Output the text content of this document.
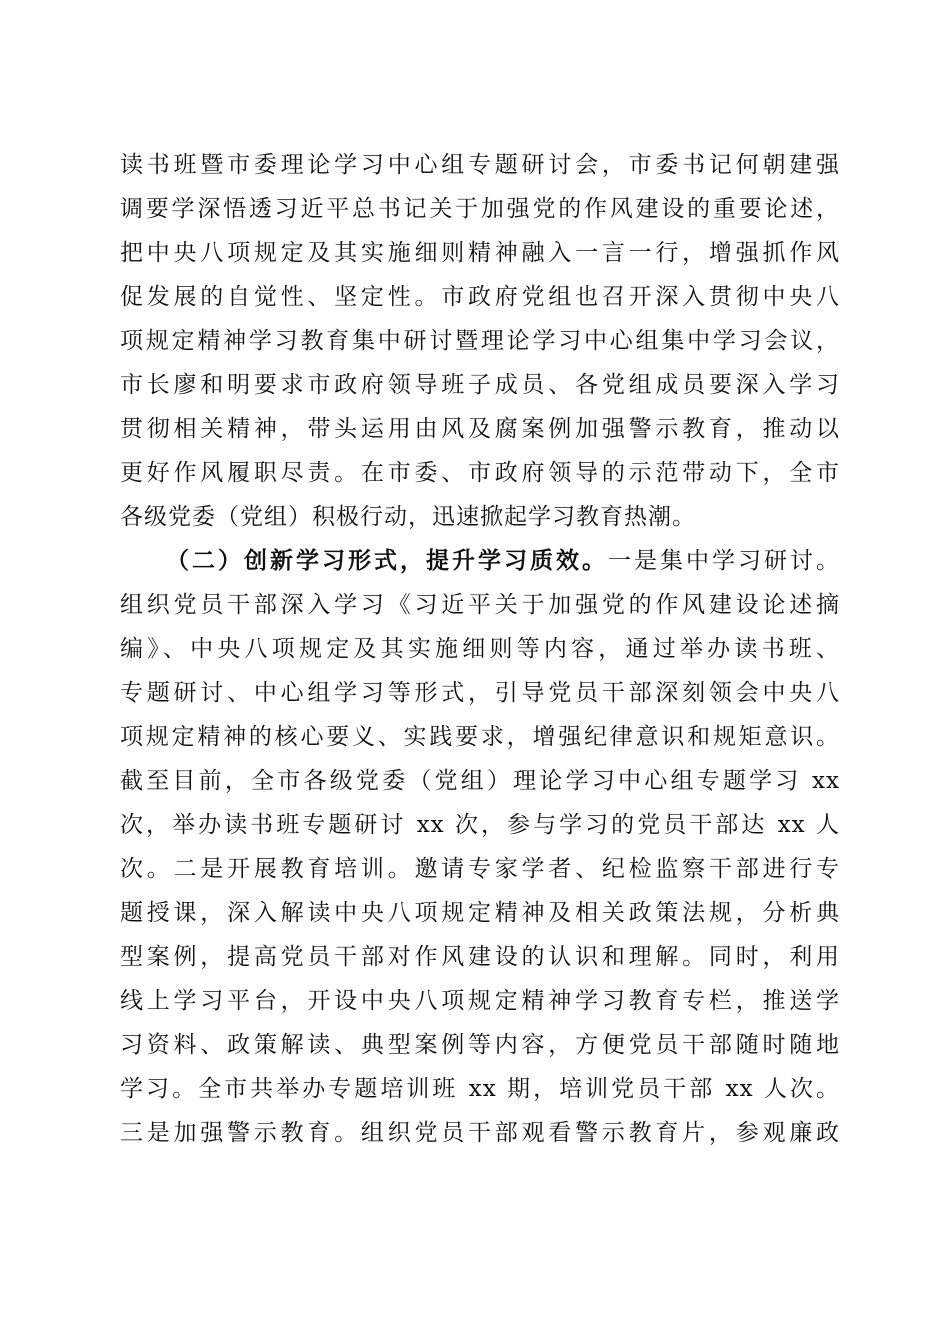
读书班暨市委理论学习中心组专题研讨会，市委书记何朝建强
调要学深悟透习近平总书记关于加强党的作风建设的重要论述，
把中央八项规定及其实施细则精神融入一言一行，增强抓作风
促发展的自觉性、坚定性。市政府党组也召开深入贯彻中央八
项规定精神学习教育集中研讨暨理论学习中心组集中学习会议，
市长廖和明要求市政府领导班子成员、各党组成员要深入学习
贯彻相关精神，带头运用由风及腐案例加强警示教育，推动以
更好作风履职尽责。在市委、市政府领导的示范带动下，全市
各级党委（党组）积极行动，迅速掀起学习教育热潮。
（二）创新学习形式，提升学习质效。一是集中学习研讨。
组织党员干部深入学习《习近平关于加强党的作风建设论述摘
编》、中央八项规定及其实施细则等内容，通过举办读书班、
专题研讨、中心组学习等形式，引导党员干部深刻领会中央八
项规定精神的核心要义、实践要求，增强纪律意识和规矩意识。
截至目前，全市各级党委（党组）理论学习中心组专题学习 xx
次，举办读书班专题研讨 xx 次，参与学习的党员干部达 xx 人
次。二是开展教育培训。邀请专家学者、纪检监察干部进行专
题授课，深入解读中央八项规定精神及相关政策法规，分析典
型案例，提高党员干部对作风建设的认识和理解。同时，利用
线上学习平台，开设中央八项规定精神学习教育专栏，推送学
习资料、政策解读、典型案例等内容，方便党员干部随时随地
学习。全市共举办专题培训班 xx 期，培训党员干部 xx 人次。
三是加强警示教育。组织党员干部观看警示教育片，参观廉政
